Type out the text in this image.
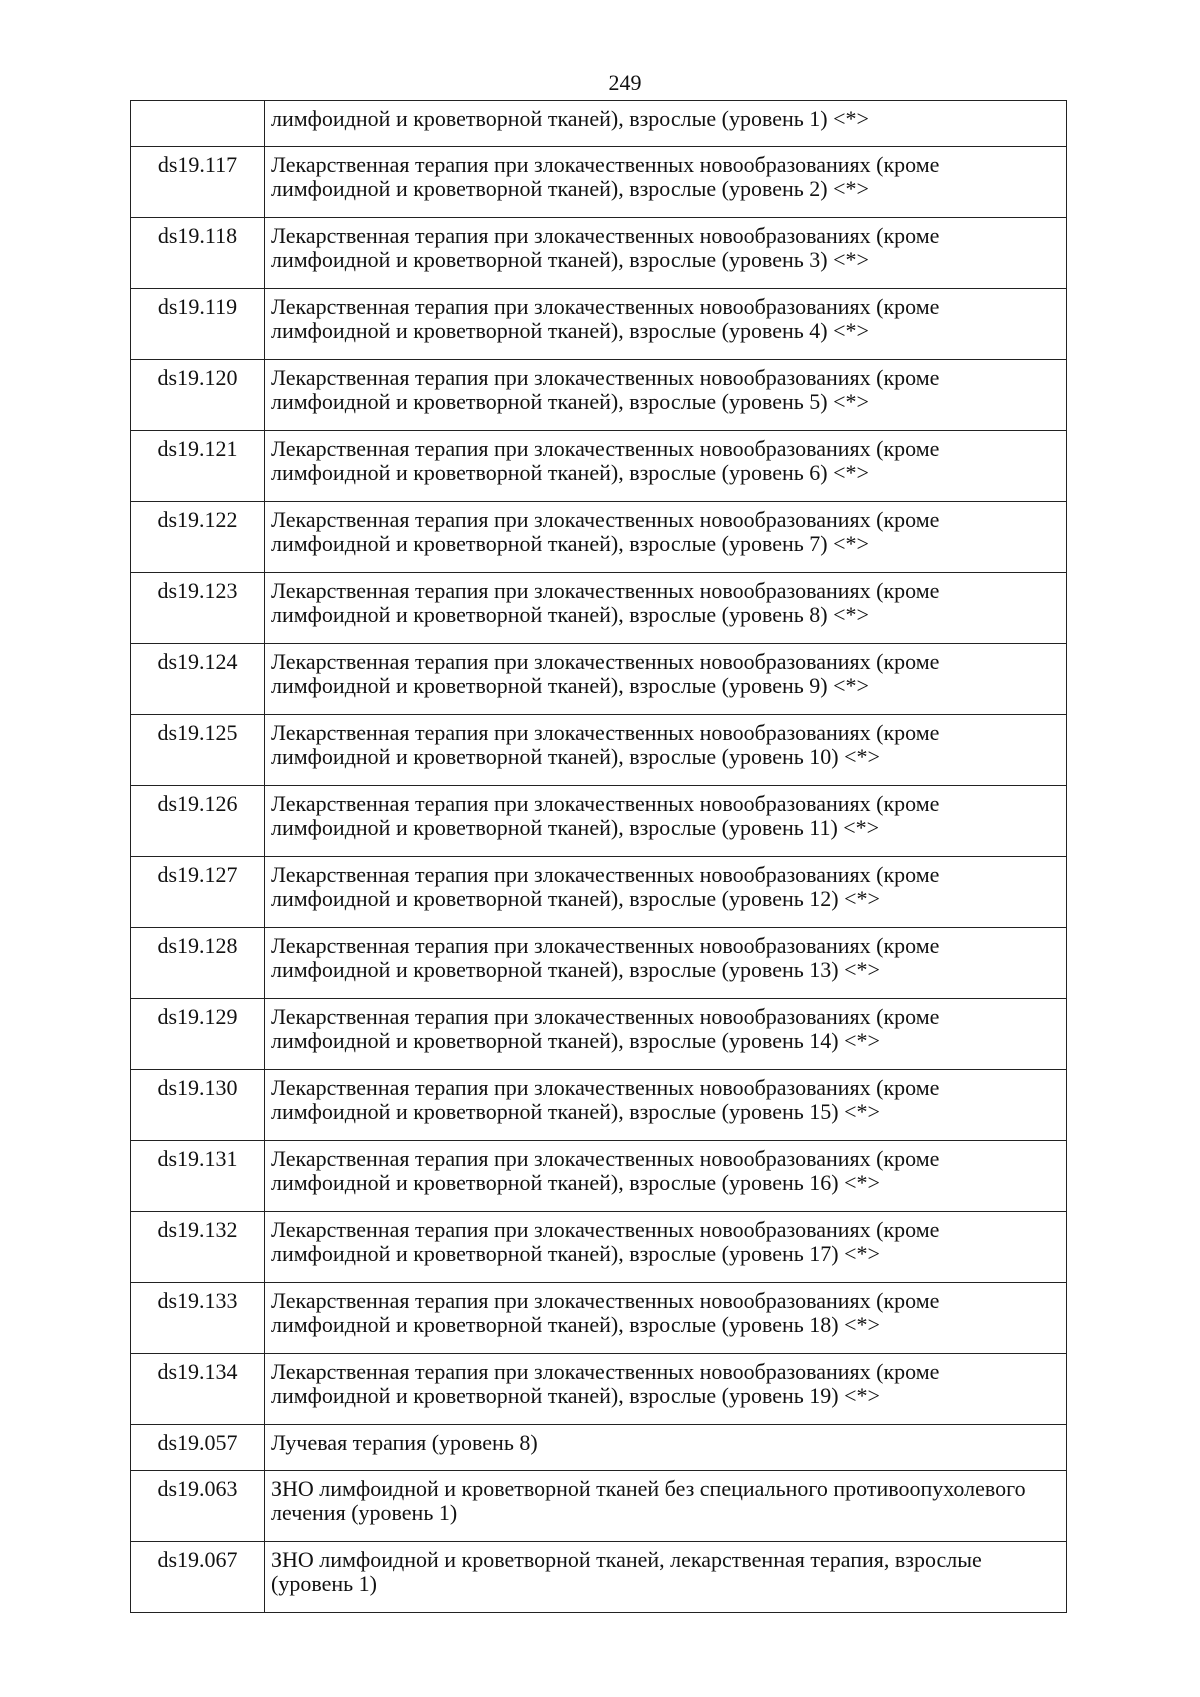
249
	лимфоидной и кроветворной тканей), взрослые (уровень 1) <*>
ds19.117	Лекарственная терапия при злокачественных новообразованиях (кроме лимфоидной и кроветворной тканей), взрослые (уровень 2) <*>
ds19.118	Лекарственная терапия при злокачественных новообразованиях (кроме лимфоидной и кроветворной тканей), взрослые (уровень 3) <*>
ds19.119	Лекарственная терапия при злокачественных новообразованиях (кроме лимфоидной и кроветворной тканей), взрослые (уровень 4) <*>
ds19.120	Лекарственная терапия при злокачественных новообразованиях (кроме лимфоидной и кроветворной тканей), взрослые (уровень 5) <*>
ds19.121	Лекарственная терапия при злокачественных новообразованиях (кроме лимфоидной и кроветворной тканей), взрослые (уровень 6) <*>
ds19.122	Лекарственная терапия при злокачественных новообразованиях (кроме лимфоидной и кроветворной тканей), взрослые (уровень 7) <*>
ds19.123	Лекарственная терапия при злокачественных новообразованиях (кроме лимфоидной и кроветворной тканей), взрослые (уровень 8) <*>
ds19.124	Лекарственная терапия при злокачественных новообразованиях (кроме лимфоидной и кроветворной тканей), взрослые (уровень 9) <*>
ds19.125	Лекарственная терапия при злокачественных новообразованиях (кроме лимфоидной и кроветворной тканей), взрослые (уровень 10) <*>
ds19.126	Лекарственная терапия при злокачественных новообразованиях (кроме лимфоидной и кроветворной тканей), взрослые (уровень 11) <*>
ds19.127	Лекарственная терапия при злокачественных новообразованиях (кроме лимфоидной и кроветворной тканей), взрослые (уровень 12) <*>
ds19.128	Лекарственная терапия при злокачественных новообразованиях (кроме лимфоидной и кроветворной тканей), взрослые (уровень 13) <*>
ds19.129	Лекарственная терапия при злокачественных новообразованиях (кроме лимфоидной и кроветворной тканей), взрослые (уровень 14) <*>
ds19.130	Лекарственная терапия при злокачественных новообразованиях (кроме лимфоидной и кроветворной тканей), взрослые (уровень 15) <*>
ds19.131	Лекарственная терапия при злокачественных новообразованиях (кроме лимфоидной и кроветворной тканей), взрослые (уровень 16) <*>
ds19.132	Лекарственная терапия при злокачественных новообразованиях (кроме лимфоидной и кроветворной тканей), взрослые (уровень 17) <*>
ds19.133	Лекарственная терапия при злокачественных новообразованиях (кроме лимфоидной и кроветворной тканей), взрослые (уровень 18) <*>
ds19.134	Лекарственная терапия при злокачественных новообразованиях (кроме лимфоидной и кроветворной тканей), взрослые (уровень 19) <*>
ds19.057	Лучевая терапия (уровень 8)
ds19.063	ЗНО лимфоидной и кроветворной тканей без специального противоопухолевого лечения (уровень 1)
ds19.067	ЗНО лимфоидной и кроветворной тканей, лекарственная терапия, взрослые (уровень 1)
